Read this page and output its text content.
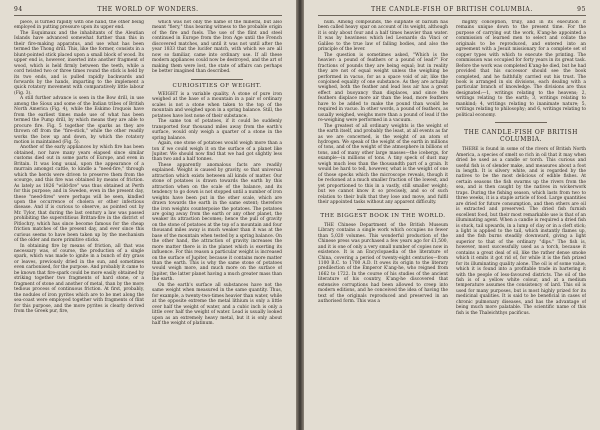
94	THE WORLD OF WONDERS.

piece, is turned rapidly with one hand, the other being employed in putting pressure upon its upper end.

The Esquimaux and the inhabitants of the Aleutian Islands have advanced somewhat further than this in their fire-making apparatus, and use what has been termed the Thong drill. This, like the former, consists in a blunt-pointed stick placed upon a small block of wood. Its upper end is, however, inserted into another fragment of wood, which is held firmly between the teeth, while a cord twisted two or three times round the stick is held by its two ends, and is pulled rapidly backwards and forwards by the hands, imparting to the implement a quick rotatory movement with comparatively little labour (Fig. 3).

A still further advance is seen in the Bow drill, in use among the Sioux and some of the Indian tribes of British North America (Fig. 4), while the Eskimo Iroquois have from the earliest times made use of what has been termed the Pump drill, by which means they are able to procure fire. Fig. 5 together the sparks as they are thrown off from the "fire-stick," while the other readily works the bow up and down, by which the rotatory motion is maintained (Fig. 5).

Another of the early appliances by which fire has been obtained, nor have many years elapsed since similar customs died out in some parts of Europe, and even in Britain. It was long usual, upon the appearance of a murrain amongst cattle, to kindle a "need-fire," through which the herds were driven to preserve them from the scourge, and this fire was obtained by means of friction. As lately as 1826 "wild-fire" was thus obtained at Perth for this purpose; and in Sweden, even in the present day, these "need-fires" were perhaps will be seen, kindled upon the occurrence of cholera or other infectious disease. And if is curious to observe, as pointed out by Mr. Tylor, that during the last century a law was passed prohibiting the superstitious Brittan-fire in the district of Pitlochry, which has since become famous for the cheap friction matches of the present day, and ever since this curious seems to have been taken up by the mechanism of the older and more primitive sticks.

In obtaining fire by means of friction, all that was necessary was, of course, the production of a single spark, which was made to ignite in a bunch of dry grass or leaves, previously dried in the sun, and sometimes even carbonised, for the purpose. And probably it came to be known that fire-spark could be more easily obtained by striking together two fragments of hard stone, or a fragment of stone and another of metal, than by the more tedious process of continuous friction. At first, probably, the nodules of iron pyrites which are to be met along the sea-coast were employed together with fragments of flint for this purpose, and the more pyrites is clearly derived from the Greek pur, fire,

which was not only the name of the mineral, but also meant "fiery," thus bearing witness to the probable origin of the fire and fuels. The use of the flint and steel continued in Europe from the Iron Age until the French discovered matches, and until it was not until after the year 1833 that the lucifer match, with which we are all now so familiar, came into ordinary use. If all these modern appliances could now be destroyed, and the art of making them were lost, the state of affairs can perhaps be better imagined than described.

CURIOSITIES OF WEIGHT.

WEIGHT is a variable quality. A stone of pure iron weighed at the base of a mountain in a pair of ordinary scales is not a stone when taken to the top of the mountain and weighed upon in a spring balance. Still, the potatoes have lost none of their substance.

The same ton of potatoes, if it could be suddenly transported four thousand miles away from the earth's surface, would only weigh a quarter of a stone in the spring balance.

Again, one stone of potatoes would weigh more than a ton if we could weigh it on the surface of a planet like Jupiter. We should now find that we had got slightly less than two and a half tonnes.

These apparently anomalous facts are readily explained. Weight is caused by gravity, so that universal attraction which exists between all kinds of matter. Our stone of potatoes is drawn towards the earth by this attraction when on the scale of the balance, and its tendency to go down is not stopped until a number of iron weights have been put in the other scale, which are drawn towards the earth in the same extent; therefore the iron weights counterpoise the potatoes. The potatoes are going away from the earth or any other planet, the weaker its attraction becomes; hence the pull of gravity on the stone of potatoes at the top of a mountain and four thousand miles away is much weaker than it was at the base of the mountain when tested by a spring balance. On the other hand, the attraction of gravity increases the more matter there is in the planet which is exerting its influence. For this reason a particular weight is increased on the surface of Jupiter, because it contains more matter than the earth. This is why the same stone of potatoes would weigh more, and much more on the surface of Jupiter, the latter planet having a much greater mass than the earth.

On the earth's surface all substances have not the same weight when measured in the same quantity. Thus, for example, a twenty-two-times heavier than water, while at the opposite extreme the metal lithium is only a little over half the weight of water, and a cubic inch is only a little over half the weight of water. Lead is usually looked upon as an extremely heavy metal, but it is only about half the weight of platinum.

THE CANDLE-FISH OF BRITISH COLUMBIA.	95

num. Among compounds, the sulphate of barium has been called heavy spar on account of its weight, although it is only about four and a half times heavier than water. It was by heaviness which led Leonardo da Vinci or Galileo to the true law of falling bodies, and also the principle of the lever.

The question is sometimes asked, "Which is the heavier: a pound of feathers or a pound of lead?" For fractions of pounds they are being equal; but in reality they are not of equal weight unless the weighing be performed in vacuo, for as a space void of air, like the conjoined equality of one substance. As they are actually weighed, both the feather and lead loss air has a great effect and buoyancy than displaces, and since the feathers displace more air than the lead, more feathers have to be added to make the pound than would be required in vacuo. In other words, a pound of feathers, as usually weighed, weighs more than a pound of lead if the re-weighing were performed in a vacuum.

The greatest of all ordinary weights is the weight of the earth itself, and probably the least, at all events as far as we are concerned, is the weight of an atom of hydrogen. We speak of the weight of the earth in millions of tons, and of the weight of the atmosphere in billions of tons, and of many other large masses—the icebergs, for example—in millions of tons. A tiny speck of dust may weigh much less than the thousandth part of a grain. It would be hard to tell, however, what is the weight of one of those specks which the microscope reveals, though it be reckoned at a much smaller fraction of the lowest, and yet proportioned to this in a vastly, still smaller weight; but we cannot know it so precisely, and so of such relation to their bulk that they lose and move, and fulfil their appointed tasks without any apparent difficulty.

THE BIGGEST BOOK IN THE WORLD.

THE Chinese Department of the British Museum Library contains a single work which occupies no fewer than 5,020 volumes. This wonderful production of the Chinese press was purchased a few years ago for £1,500, and it is one of only a very small number of copies now in existence. It is an Encyclopaedia of the literature of China, covering a period of twenty-eight centuries—from 1100 B.C. to 1700 A.D. It owes its origin to the literary predilection of the Emperor K'ang-he, who reigned from 1662 to 1722. In the course of his studies of the ancient literature of his country, K'ang-he discovered that extensive corruptions had been allowed to creep into modern editions, and he conceived the idea of having the text of the originals reproduced and preserved in an authorised form. This was a

mighty conception, truly, and in its execution it remains unique down to the present time. For the purpose of carrying out the work, K'ang-he appointed a commission of learned men to select and collate the originals to be reproduced, and entered into an agreement with a Jesuit missionary for a complete set of copper types with which to execute the printing. The commission was occupied for forty years in its great task. Before the work was completed K'ang-he died, but he had provided that his successor should see the book completed, and he faithfully carried out his trust. The book is arranged in six divisions, each dealing with a particular branch of knowledge. The divisions are thus designated:—1, writings relating to the heavens; 2, writings relating to the earth; 3, writings relating to mankind; 4, writings relating to inanimate nature; 5, writings relating to philosophy; and 6, writings relating to political economy.

THE CANDLE-FISH OF BRITISH
COLUMBIA.

THERE is found in some of the rivers of British North America, a species of smelt so rich in oil that it may when dried be used as a candle or torch. This curious and useful fish is of slender make, and measures about a foot in length. It is silvery white, and is regarded by the natives to be the most delicious of edible fishes. At certain seasons the fish swarms up the rivers from the sea, and is then caught by the natives in wickerwork traps. During the fishing season, which lasts from two to three weeks, it is a staple article of food. Large quantities are dried for future consumption, and then others are oil is extracted and preserved. The dried fish furnish excellent food, but their most remarkable use is that of an illuminating agent. When a candle is required a dried fish is stuck, tail upwards, in a lump of clay or in a cleft stick; a light is applied to the tail, which instantly flames up, and the fish burns steadily downward, giving a light superior to that of the ordinary "dips." The fish is, however, most successfully used as a torch, because it contains a great deal of oil, like the rather dense smoke which it emits it got rid of, for while it is the fish prized for its illuminating quality alone. The oil is of some value, which it is found into a profitable trade in bartering it with the people of less-favoured districts. The oil of the fish is of a yellow white colour, and at a medium temperature assumes the consistency of lard. This oil is used for many purposes, but is most highly prized for its medicinal qualities. It is said to be beneficial in cases of chronic pulmonary diseases, and has the advantage of being much more palatable. The scientific name of this fish is the Thaleichthys pacificus.
